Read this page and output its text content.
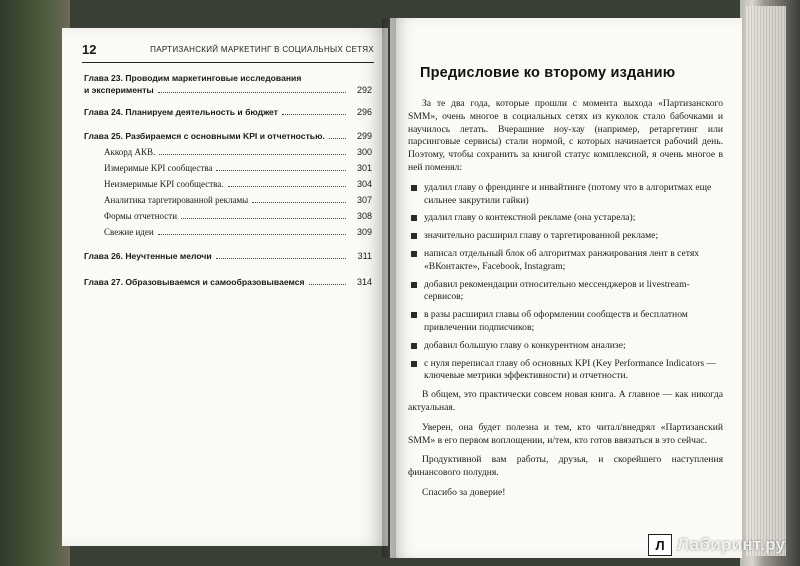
12	ПАРТИЗАНСКИЙ МАРКЕТИНГ В СОЦИАЛЬНЫХ СЕТЯХ
Глава 23. Проводим маркетинговые исследования
и эксперименты	292
Глава 24. Планируем деятельность и бюджет	296
Глава 25. Разбираемся с основными KPI и отчетностью.	299
Аккорд АКВ.	300
Измеримые KPI сообщества	301
Неизмеримые KPI сообщества.	304
Аналитика таргетированной рекламы	307
Формы отчетности	308
Свежие идеи	309
Глава 26. Неучтенные мелочи	311
Глава 27. Образовываемся и самообразовываемся	314
Предисловие ко второму изданию

За те два года, которые прошли с момента выхода «Партизанского SMM», очень многое в социальных сетях из куколок стало бабочками и научилось летать. Вчерашние ноу-хау (например, ретаргетинг или парсинговые сервисы) стали нормой, с которых начинается рабочий день. Поэтому, чтобы сохранить за книгой статус комплексной, я очень многое в ней поменял:

удалил главу о френдинге и инвайтинге (потому что в алгоритмах еще сильнее закрутили гайки)
удалил главу о контекстной рекламе (она устарела);
значительно расширил главу о таргетированной рекламе;
написал отдельный блок об алгоритмах ранжирования лент в сетях «ВКонтакте», Facebook, Instagram;
добавил рекомендации относительно мессенджеров и livestream-сервисов;
в разы расширил главы об оформлении сообществ и бесплатном привлечении подписчиков;
добавил большую главу о конкурентном анализе;
с нуля переписал главу об основных KPI (Key Performance Indicators — ключевые метрики эффективности) и отчетности.

В общем, это практически совсем новая книга. А главное — как никогда актуальная.

Уверен, она будет полезна и тем, кто читал/внедрял «Партизанский SMM» в его первом воплощении, и/тем, кто готов ввязаться в это сейчас.

Продуктивной вам работы, друзья, и скорейшего наступления финансового полудня.

Спасибо за доверие!

Л Лабиринт.ру
